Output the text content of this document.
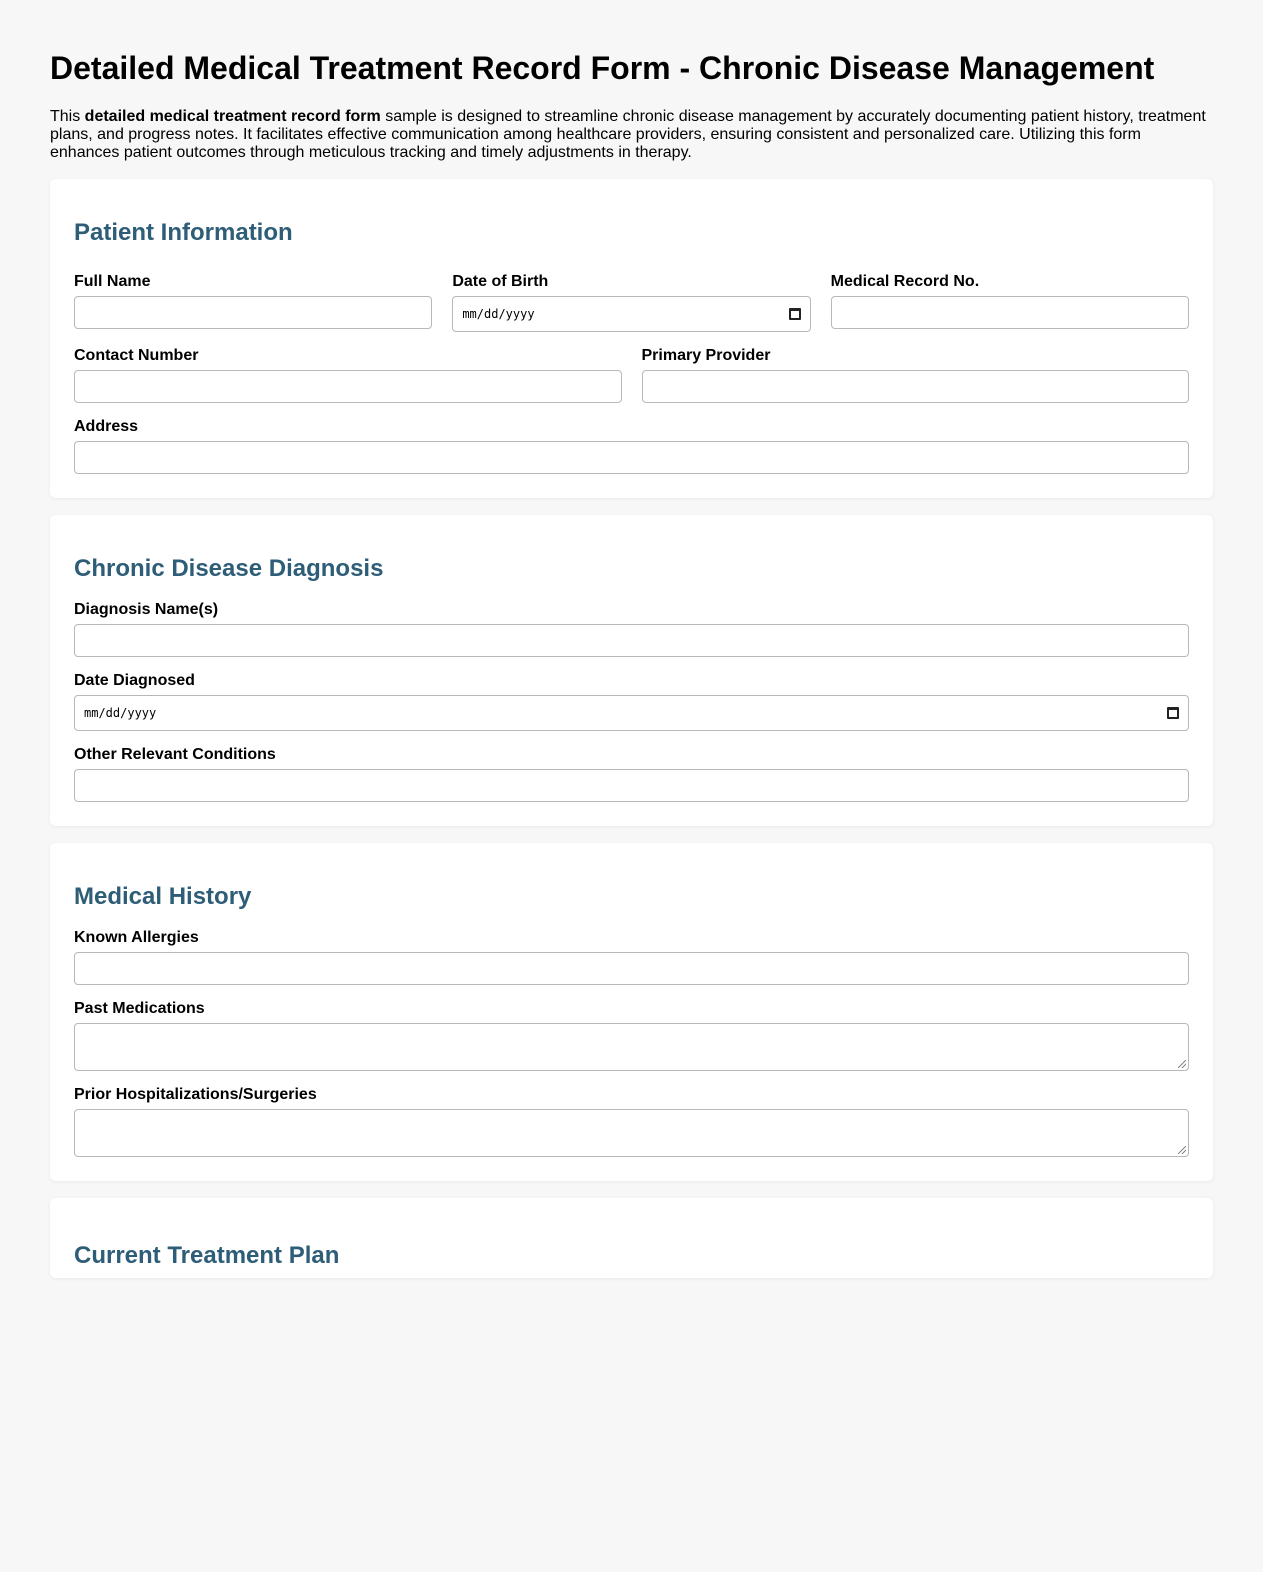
Detailed Medical Treatment Record Form - Chronic Disease Management

This detailed medical treatment record form sample is designed to streamline chronic disease management by accurately documenting patient history, treatment plans, and progress notes. It facilitates effective communication among healthcare providers, ensuring consistent and personalized care. Utilizing this form enhances patient outcomes through meticulous tracking and timely adjustments in therapy.

Patient Information
Full Name	Date of Birth
mm/dd/yyyy
Medical Record No.
Contact Number	Primary Provider
Address
Chronic Disease Diagnosis
Diagnosis Name(s)
Date Diagnosed
mm/dd/yyyy
Other Relevant Conditions
Medical History
Known Allergies
Past Medications
Prior Hospitalizations/Surgeries
Current Treatment Plan
